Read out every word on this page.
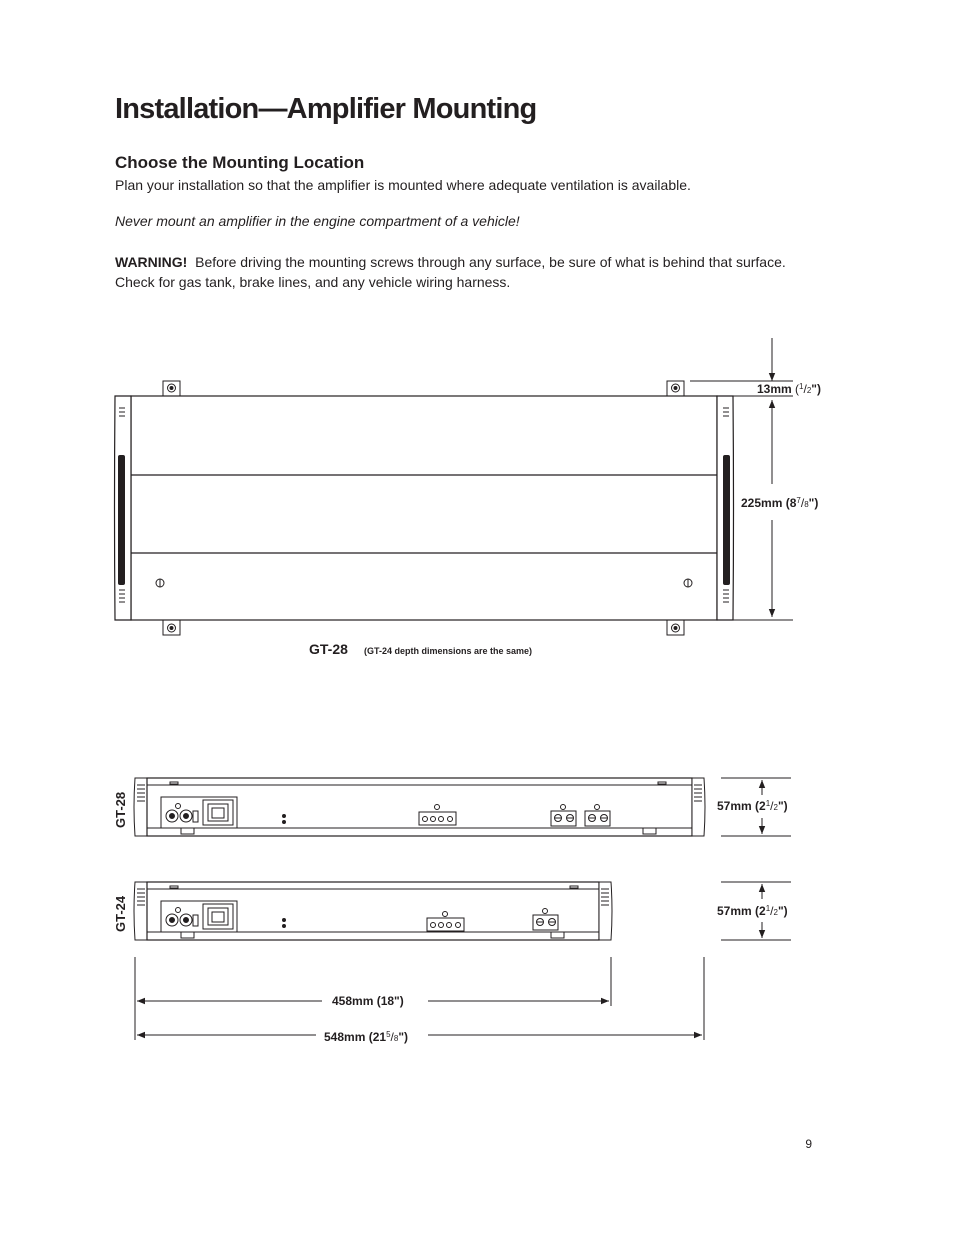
Installation—Amplifier Mounting
Choose the Mounting Location

Plan your installation so that the amplifier is mounted where adequate ventilation is available.

Never mount an amplifier in the engine compartment of a vehicle!

WARNING! Before driving the mounting screws through any surface, be sure of what is behind that surface. Check for gas tank, brake lines, and any vehicle wiring harness.

13mm ($^1$/2")
225mm $(8^7/8")$
GT-28 (GT-24 depth dimensions are the same)
GT-28	57mm $(2^1/2")$
GT-24	57mm $(2^1/2")$
458mm (18")
548mm $(21^5/8")$
9
